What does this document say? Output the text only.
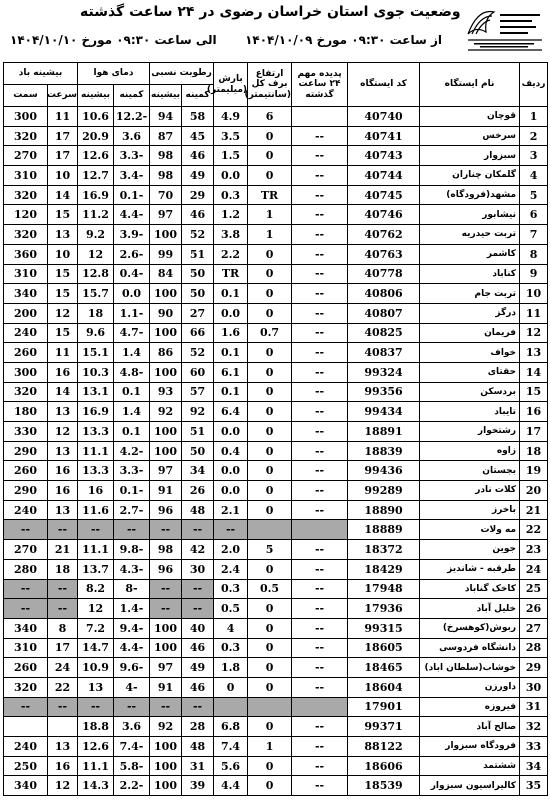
وضعیت جوی استان خراسان رضوی در ۲۴ ساعت گذشته
از ساعت ۰۹:۳۰ مورخ ۱۴۰۴/۱۰/۰۹
الی ساعت ۰۹:۳۰ مورخ ۱۴۰۴/۱۰/۱۰
ردیف	نام ایستگاه	کد ایستگاه	پدیده مهم ۲۴ ساعت گذشته	ارتفاع برف کل (سانتیمتر)	بارش (میلیمتر)	رطوبت نسبی		دمای هوا		بیشینه باد	
						کمینه	بیشینه	کمینه	بیشینه	سرعت	سمت
1	قوچان	40740		6	4.9	58	94	-12.2	10.6	11	300
2	سرخس	40741	--	0	3.5	45	87	3.6	20.9	17	320
3	سبزوار	40743	--	0	1.5	46	98	-3.3	12.6	17	270
4	گلمکان چناران	40744	--	0	0.0	49	98	-3.4	12.7	10	310
5	مشهد(فرودگاه)	40745	--	TR	0.3	29	70	-0.1	16.9	14	320
6	نیشابور	40746	--	1	1.2	46	97	-4.4	11.2	15	120
7	تربت حیدریه	40762	--	1	3.8	52	100	-3.9	9.2	13	320
8	کاشمر	40763	--	0	2.2	51	99	-2.6	12	10	360
9	کناباد	40778	--	0	TR	50	84	-0.4	12.8	15	310
10	تربت جام	40806	--	0	0.1	50	100	0.0	15.7	15	340
11	درگز	40807	--	0	0.0	27	90	-1.1	18	12	200
12	فریمان	40825	--	0.7	1.6	66	100	-4.7	9.6	15	240
13	خواف	40837	--	0	0.1	52	86	1.4	15.1	11	260
14	حقتای	99324	--	0	6.1	60	100	-4.8	10.3	16	300
15	بردسکن	99356	--	0	0.1	57	93	0.1	13.1	14	320
16	تایباد	99434	--	0	6.4	92	92	1.4	16.9	13	180
17	رشتخوار	18891	--	0	0.0	51	100	0.1	13.3	12	330
18	زاوه	18839	--	0	0.4	50	100	-4.2	11.1	13	290
19	بجستان	99436	--	0	0.0	34	97	-3.3	13.3	16	260
20	کلات نادر	99289	--	0	0.0	26	91	-0.1	16	16	290
21	باخرز	18890	--	0	2.1	48	96	-2.7	11.6	13	240
22	مه ولات	18889			--	--	--	--	--	--	--
23	جوین	18372	--	5	2.0	42	98	-9.8	11.1	21	270
24	طرقبه - شاندیز	18429	--	0	2.4	30	96	-4.3	13.7	18	280
25	کاخک گناباد	17948	--	0.5	0.3	--	--	-8	8.2	--	--
26	خلیل آباد	17936	--	0	0.5	--	--	-1.4	12	--	--
27	ربوش(کوهسرخ)	99315	--	0	4	40	100	-9.4	7.2	8	340
28	دانشگاه فردوسی	18605	--	0	0.3	46	100	-4.4	14.7	17	310
29	خوشاب(سلطان اباد)	18465	--	0	1.8	49	97	-9.6	10.9	24	260
30	داورزن	18604	--	0	0	46	91	-4	13	22	320
31	فیروزه	17901				--	--	--	--	--	--
32	صالح آباد	99371	--	0	6.8	28	92	3.6	18.8		
33	فرودگاه سبزوار	88122	--	1	7.4	48	100	-7.4	12.6	13	240
34	ششتمد	18606	--	0	5.6	31	100	-5.8	11.1	16	250
35	کالیراسیون سبزوار	18539	--	0	4.4	39	100	-2.2	14.3	12	340
